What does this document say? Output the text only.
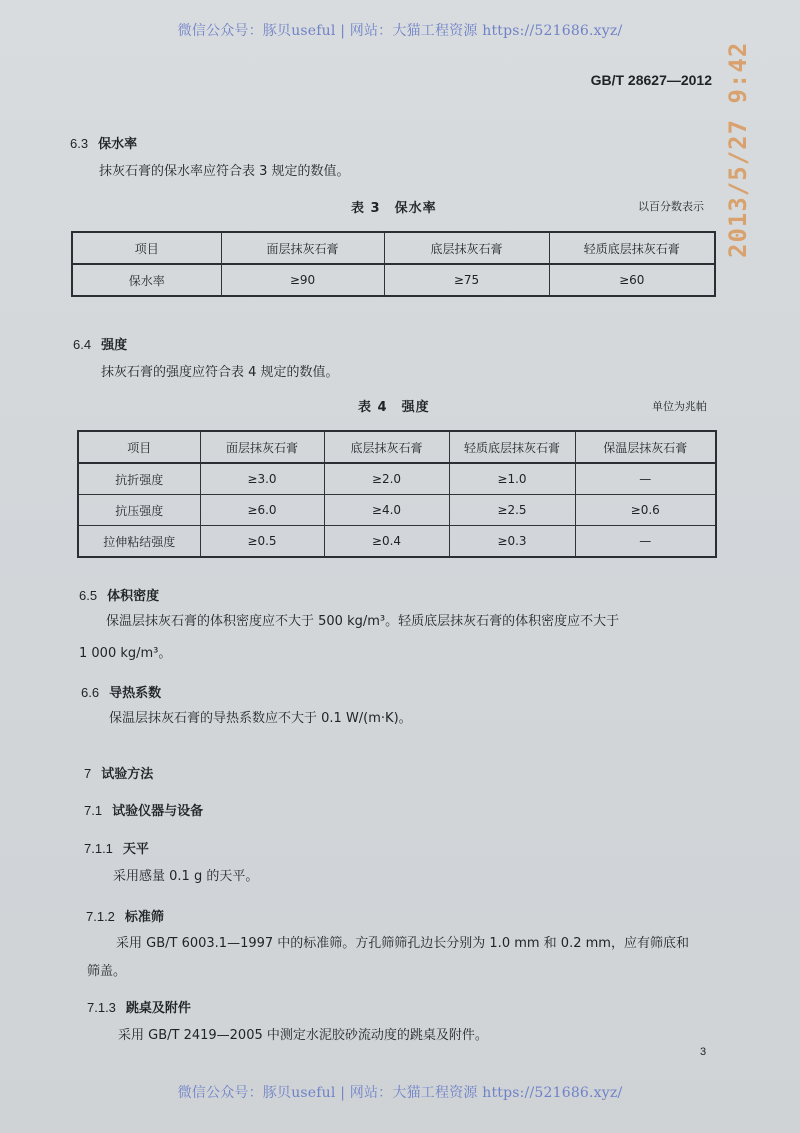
微信公众号：豚贝useful | 网站：大猫工程资源 https://521686.xyz/
2013/5/27 9:42
GB/T 28627—2012
6.3 保水率
抹灰石膏的保水率应符合表 3 规定的数值。
表 3　保水率	以百分数表示
项目	面层抹灰石膏	底层抹灰石膏	轻质底层抹灰石膏
保水率	≥90	≥75	≥60
6.4 强度
抹灰石膏的强度应符合表 4 规定的数值。
表 4　强度	单位为兆帕
项目	面层抹灰石膏	底层抹灰石膏	轻质底层抹灰石膏	保温层抹灰石膏
抗折强度	≥3.0	≥2.0	≥1.0	—
抗压强度	≥6.0	≥4.0	≥2.5	≥0.6
拉伸粘结强度	≥0.5	≥0.4	≥0.3	—
6.5 体积密度
保温层抹灰石膏的体积密度应不大于 500 kg/m³。轻质底层抹灰石膏的体积密度应不大于
1 000 kg/m³。
6.6 导热系数
保温层抹灰石膏的导热系数应不大于 0.1 W/(m·K)。
7 试验方法
7.1 试验仪器与设备
7.1.1 天平
采用感量 0.1 g 的天平。
7.1.2 标准筛
采用 GB/T 6003.1—1997 中的标准筛。方孔筛筛孔边长分别为 1.0 mm 和 0.2 mm，应有筛底和
筛盖。
7.1.3 跳桌及附件
采用 GB/T 2419—2005 中测定水泥胶砂流动度的跳桌及附件。
3
微信公众号：豚贝useful | 网站：大猫工程资源 https://521686.xyz/
